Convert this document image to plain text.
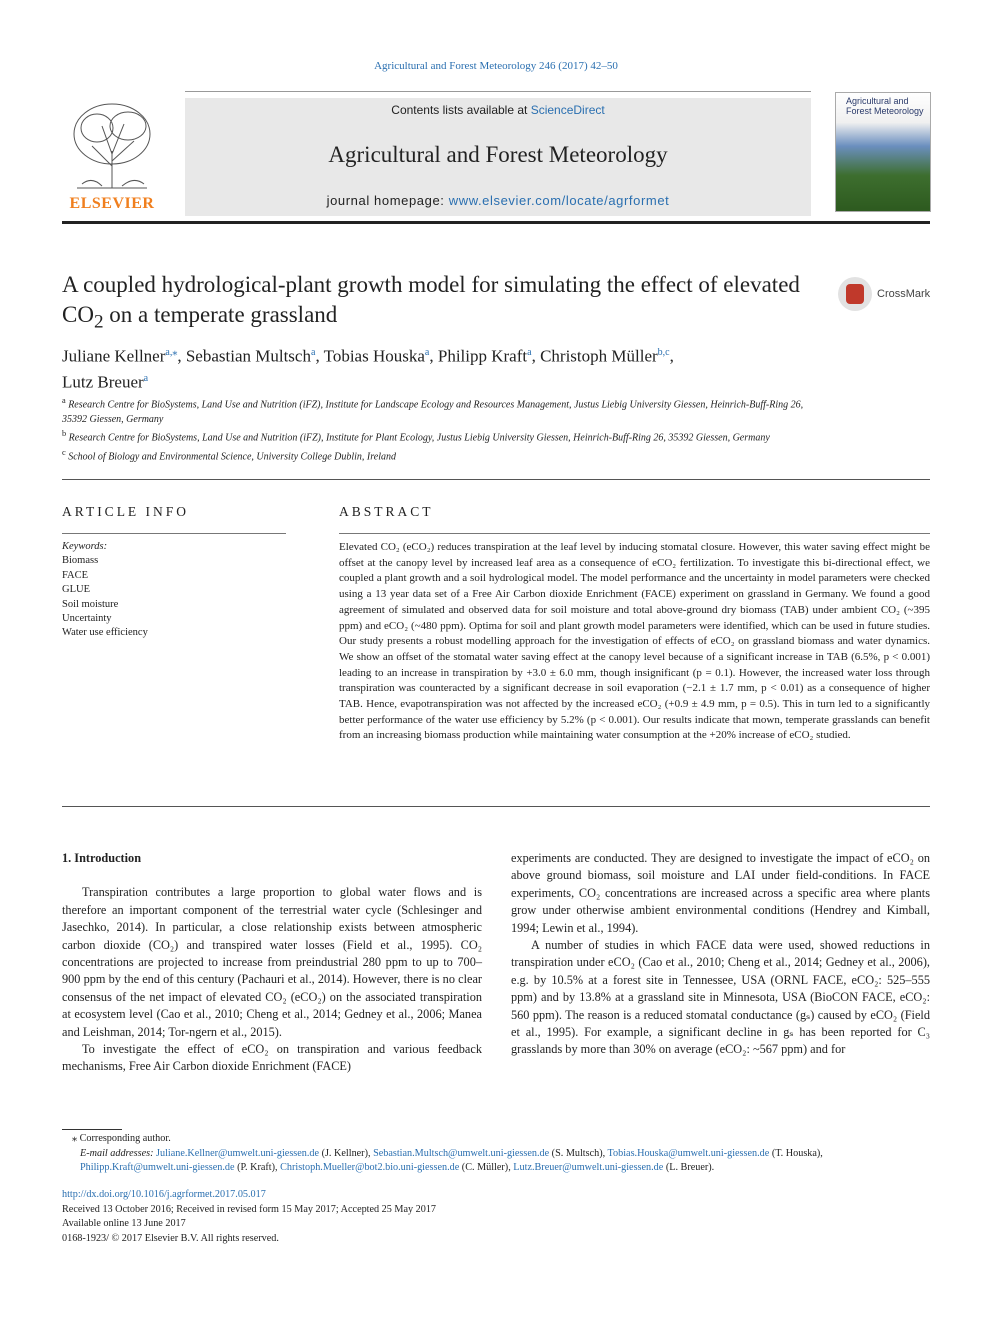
Agricultural and Forest Meteorology 246 (2017) 42–50
ELSEVIER
Contents lists available at ScienceDirect
Agricultural and Forest Meteorology
journal homepage: www.elsevier.com/locate/agrformet
Agricultural and Forest Meteorology
A coupled hydrological-plant growth model for simulating the effect of elevated $CO_2$ on a temperate grassland
CrossMark
Juliane Kellner$^{a,⁎}$, Sebastian Multsch$^a$, Tobias Houska$^a$, Philipp Kraft$^a$, Christoph Müller$^{b,c}$,
Lutz Breuer$^a$
$^a$ Research Centre for BioSystems, Land Use and Nutrition (iFZ), Institute for Landscape Ecology and Resources Management, Justus Liebig University Giessen, Heinrich-Buff-Ring 26, 35392 Giessen, Germany
$^b$ Research Centre for BioSystems, Land Use and Nutrition (iFZ), Institute for Plant Ecology, Justus Liebig University Giessen, Heinrich-Buff-Ring 26, 35392 Giessen, Germany
$^c$ School of Biology and Environmental Science, University College Dublin, Ireland
ARTICLE INFO
Keywords:
Biomass
FACE
GLUE
Soil moisture
Uncertainty
Water use efficiency
ABSTRACT
Elevated CO₂ (eCO₂) reduces transpiration at the leaf level by inducing stomatal closure. However, this water saving effect might be offset at the canopy level by increased leaf area as a consequence of eCO₂ fertilization. To investigate this bi-directional effect, we coupled a plant growth and a soil hydrological model. The model performance and the uncertainty in model parameters were checked using a 13 year data set of a Free Air Carbon dioxide Enrichment (FACE) experiment on grassland in Germany. We found a good agreement of simulated and observed data for soil moisture and total above-ground dry biomass (TAB) under ambient CO₂ (~395 ppm) and eCO₂ (~480 ppm). Optima for soil and plant growth model parameters were identified, which can be used in future studies. Our study presents a robust modelling approach for the investigation of effects of eCO₂ on grassland biomass and water dynamics. We show an offset of the stomatal water saving effect at the canopy level because of a significant increase in TAB (6.5%, p < 0.001) leading to an increase in transpiration by +3.0 ± 6.0 mm, though insignificant (p = 0.1). However, the increased water loss through transpiration was counteracted by a significant decrease in soil evaporation (−2.1 ± 1.7 mm, p < 0.01) as a consequence of higher TAB. Hence, evapotranspiration was not affected by the increased eCO₂ (+0.9 ± 4.9 mm, p = 0.5). This in turn led to a significantly better performance of the water use efficiency by 5.2% (p < 0.001). Our results indicate that mown, temperate grasslands can benefit from an increasing biomass production while maintaining water consumption at the +20% increase of eCO₂ studied.

1. Introduction

Transpiration contributes a large proportion to global water flows and is therefore an important component of the terrestrial water cycle (Schlesinger and Jasechko, 2014). In particular, a close relationship exists between atmospheric carbon dioxide (CO₂) and transpired water losses (Field et al., 1995). CO₂ concentrations are projected to increase from preindustrial 280 ppm to up to 700–900 ppm by the end of this century (Pachauri et al., 2014). However, there is no clear consensus of the net impact of elevated CO₂ (eCO₂) on the associated transpiration at ecosystem level (Cao et al., 2010; Cheng et al., 2014; Gedney et al., 2006; Manea and Leishman, 2014; Tor-ngern et al., 2015).

To investigate the effect of eCO₂ on transpiration and various feedback mechanisms, Free Air Carbon dioxide Enrichment (FACE)

experiments are conducted. They are designed to investigate the impact of eCO₂ on above ground biomass, soil moisture and LAI under field-conditions. In FACE experiments, CO₂ concentrations are increased across a specific area where plants grow under otherwise ambient environmental conditions (Hendrey and Kimball, 1994; Lewin et al., 1994).

A number of studies in which FACE data were used, showed reductions in transpiration under eCO₂ (Cao et al., 2010; Cheng et al., 2014; Gedney et al., 2006), e.g. by 10.5% at a forest site in Tennessee, USA (ORNL FACE, eCO₂: 525–555 ppm) and by 13.8% at a grassland site in Minnesota, USA (BioCON FACE, eCO₂: 560 ppm). The reason is a reduced stomatal conductance (gₛ) caused by eCO₂ (Field et al., 1995). For example, a significant decline in gₛ has been reported for C₃ grasslands by more than 30% on average (eCO₂: ~567 ppm) and for

⁎ Corresponding author.
E-mail addresses: Juliane.Kellner@umwelt.uni-giessen.de (J. Kellner), Sebastian.Multsch@umwelt.uni-giessen.de (S. Multsch), Tobias.Houska@umwelt.uni-giessen.de (T. Houska),
Philipp.Kraft@umwelt.uni-giessen.de (P. Kraft), Christoph.Mueller@bot2.bio.uni-giessen.de (C. Müller), Lutz.Breuer@umwelt.uni-giessen.de (L. Breuer).
http://dx.doi.org/10.1016/j.agrformet.2017.05.017
Received 13 October 2016; Received in revised form 15 May 2017; Accepted 25 May 2017
Available online 13 June 2017
0168-1923/ © 2017 Elsevier B.V. All rights reserved.
